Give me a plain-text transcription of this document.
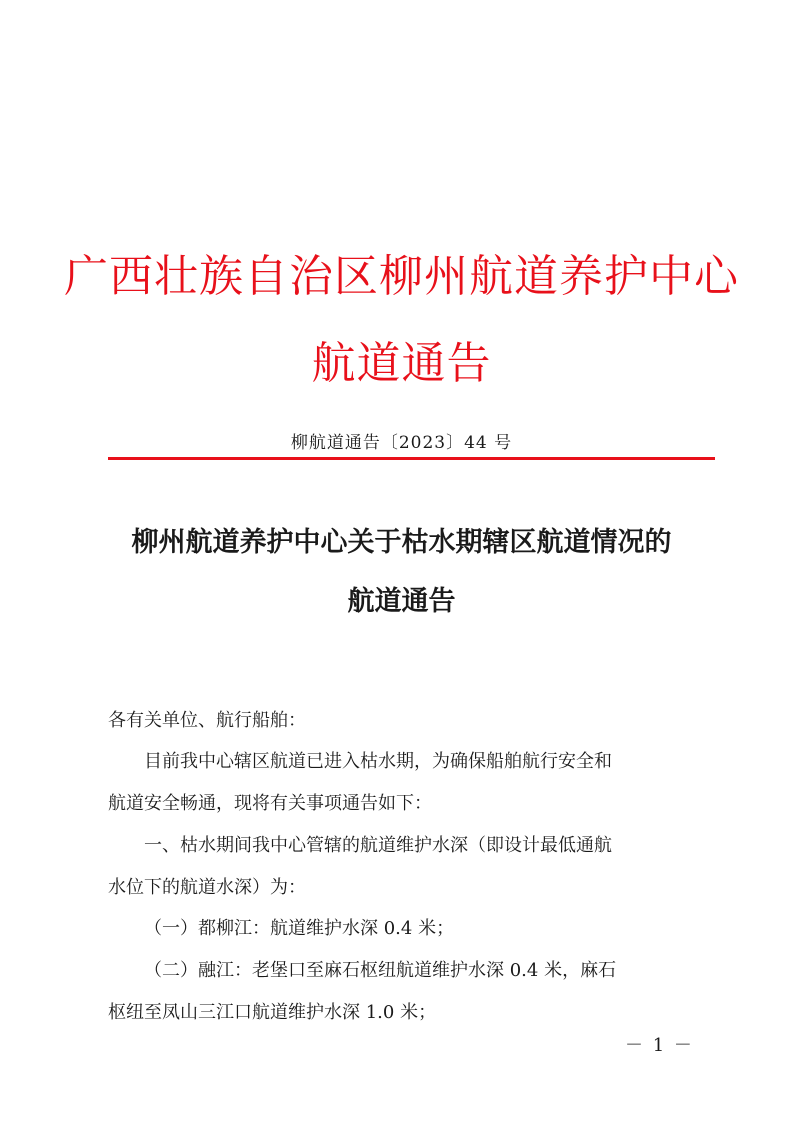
广西壮族自治区柳州航道养护中心
航道通告
柳航道通告〔2023〕44 号
柳州航道养护中心关于枯水期辖区航道情况的
航道通告
各有关单位、航行船舶：
目前我中心辖区航道已进入枯水期，为确保船舶航行安全和
航道安全畅通，现将有关事项通告如下：
一、枯水期间我中心管辖的航道维护水深（即设计最低通航
水位下的航道水深）为：
（一）都柳江：航道维护水深 0.4 米；
（二）融江：老堡口至麻石枢纽航道维护水深 0.4 米，麻石
枢纽至凤山三江口航道维护水深 1.0 米；
－ 1 －
